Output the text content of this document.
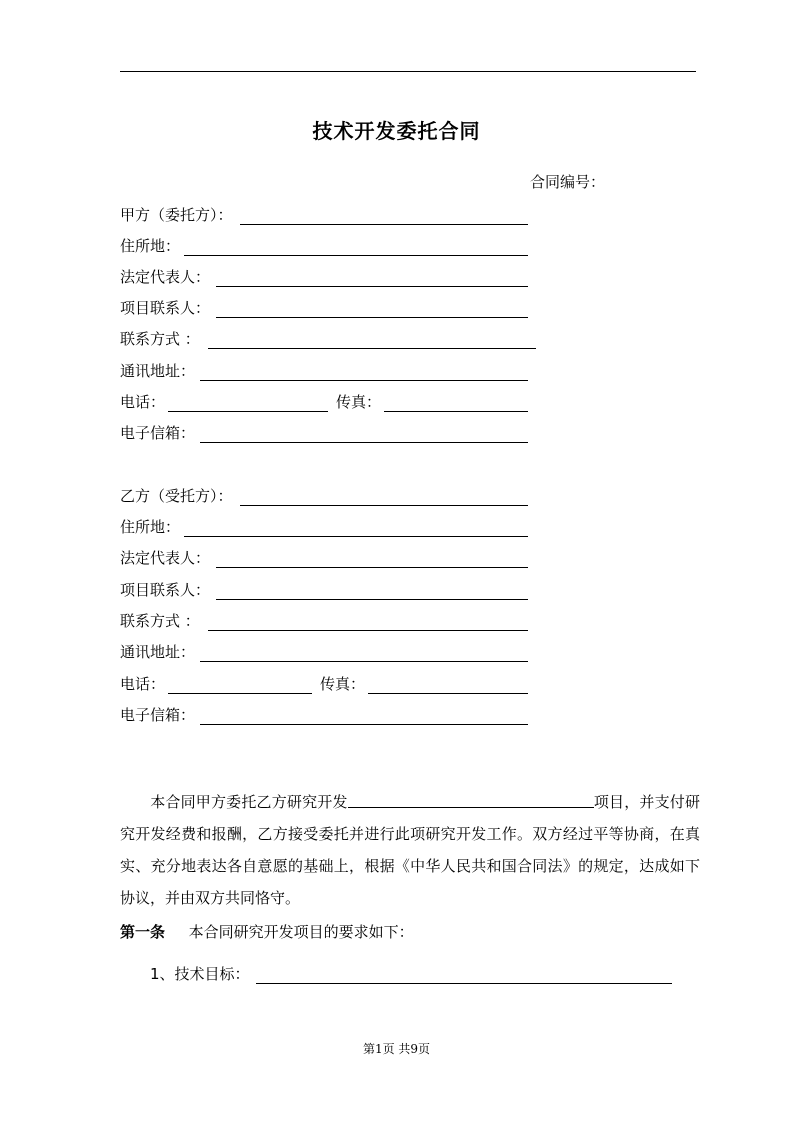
技术开发委托合同
合同编号：
甲方（委托方）：
住所地：
法定代表人：
项目联系人：
联系方式 ：
通讯地址：
电话：	传真：
电子信箱：
乙方（受托方）：
住所地：
法定代表人：
项目联系人：
联系方式 ：
通讯地址：
电话：	传真：
电子信箱：
本合同甲方委托乙方研究开发	项目，并支付研究开发经费和报酬，乙方接受委托并进行此项研究开发工作。双方经过平等协商，在真实、充分地表达各自意愿的基础上，根据《中华人民共和国合同法》的规定，达成如下协议，并由双方共同恪守。
第一条 本合同研究开发项目的要求如下：
1、技术目标：
第1页 共9页
